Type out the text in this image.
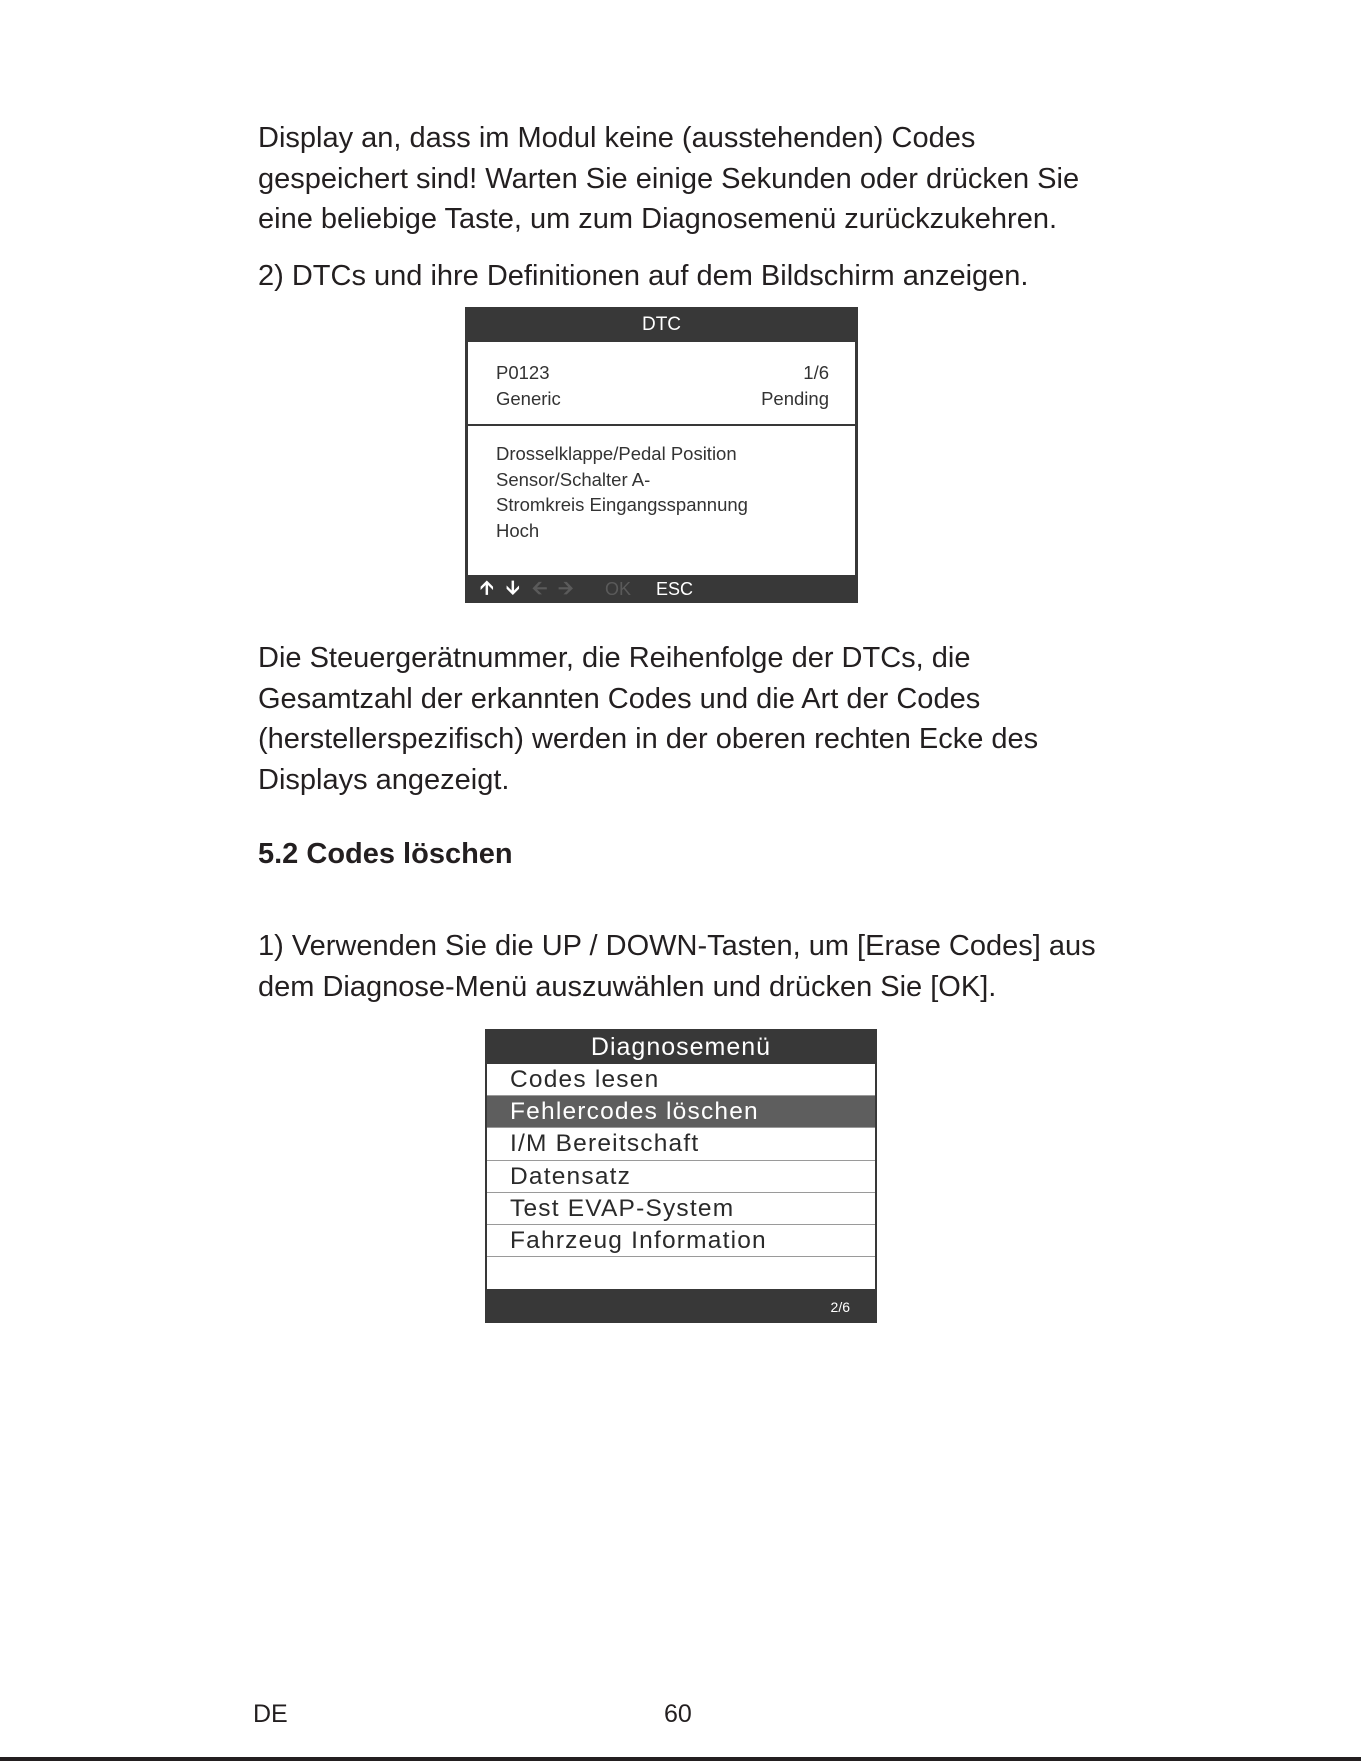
Display an, dass im Modul keine (ausstehenden) Codes
gespeichert sind! Warten Sie einige Sekunden oder drücken Sie
eine beliebige Taste, um zum Diagnosemenü zurückzukehren.
2) DTCs und ihre Definitionen auf dem Bildschirm anzeigen.
DTC
P0123	1/6
Generic	Pending
Drosselklappe/Pedal Position
Sensor/Schalter A-
Stromkreis Eingangsspannung
Hoch
🡩 🡫 🡨 🡪 OK ESC
Die Steuergerätnummer, die Reihenfolge der DTCs, die
Gesamtzahl der erkannten Codes und die Art der Codes
(herstellerspezifisch) werden in der oberen rechten Ecke des
Displays angezeigt.
5.2 Codes löschen
1) Verwenden Sie die UP / DOWN-Tasten, um [Erase Codes] aus
dem Diagnose-Menü auszuwählen und drücken Sie [OK].
Diagnosemenü
Codes lesen
Fehlercodes löschen
I/M Bereitschaft
Datensatz
Test EVAP-System
Fahrzeug Information
2/6
DE	60
